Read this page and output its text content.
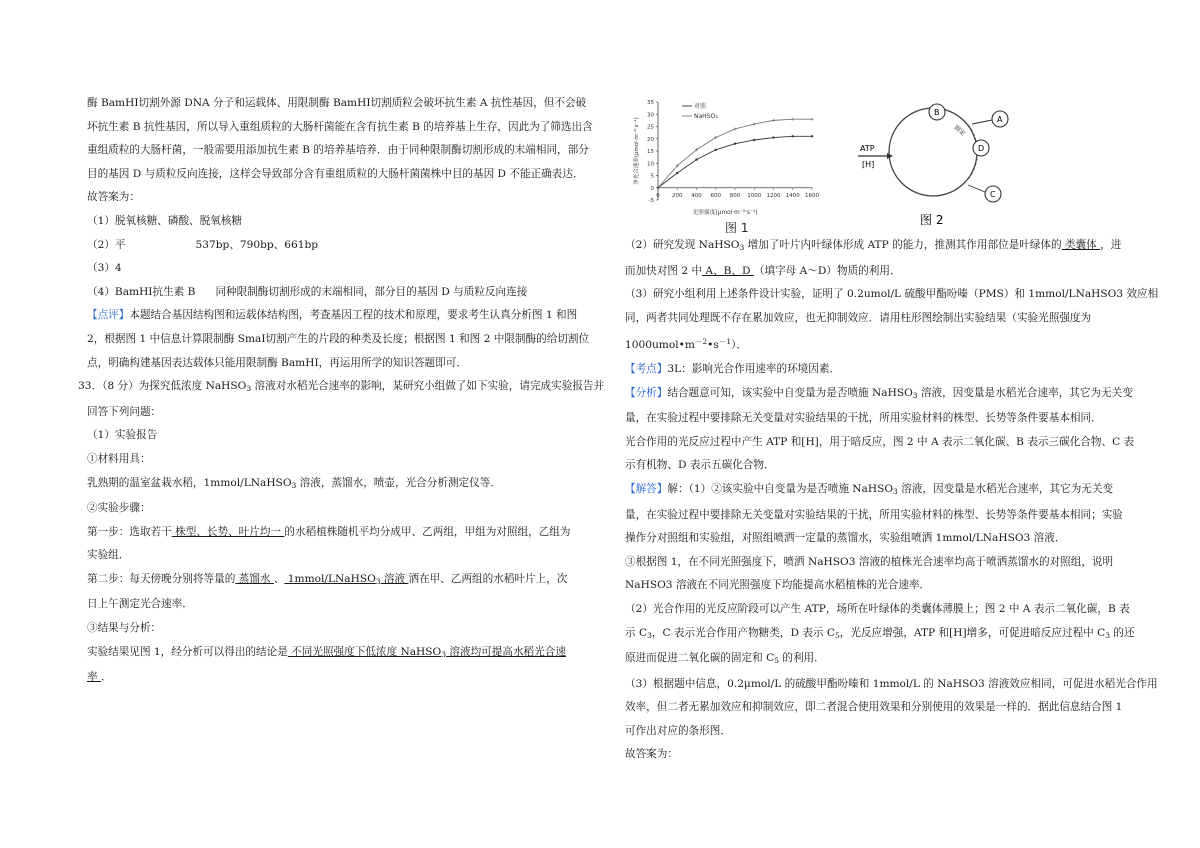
酶 BamHⅠ切割外源 DNA 分子和运载体、用限制酶 BamHⅠ切割质粒会破坏抗生素 A 抗性基因，但不会破

坏抗生素 B 抗性基因，所以导入重组质粒的大肠杆菌能在含有抗生素 B 的培养基上生存，因此为了筛选出含

重组质粒的大肠杆菌，一般需要用添加抗生素 B 的培养基培养．由于同种限制酶切割形成的末端相同，部分

目的基因 D 与质粒反向连接，这样会导致部分含有重组质粒的大肠杆菌菌株中目的基因 D 不能正确表达．

故答案为：

（1）脱氧核糖、磷酸、脱氧核糖

（2）平	537bp、790bp、661bp

（3）4

（4）BamHⅠ抗生素 B 同种限制酶切割形成的末端相同，部分目的基因 D 与质粒反向连接

【点评】本题结合基因结构图和运载体结构图，考查基因工程的技术和原理，要求考生认真分析图 1 和图

2，根据图 1 中信息计算限制酶 SmaⅠ切割产生的片段的种类及长度；根据图 1 和图 2 中限制酶的给切割位

点，明确构建基因表达载体只能用限制酶 BamHⅠ，再运用所学的知识答题即可．

33．（8 分）为探究低浓度 NaHSO$_3$ 溶液对水稻光合速率的影响，某研究小组做了如下实验，请完成实验报告并

回答下列问题：

（1）实验报告

①材料用具：

乳熟期的温室盆栽水稻，1mmol/LNaHSO$_3$ 溶液，蒸馏水，喷壶，光合分析测定仪等．

②实验步骤：

第一步：选取若干 株型、长势、叶片均一 的水稻植株随机平均分成甲、乙两组，甲组为对照组，乙组为

实验组．

第二步：每天傍晚分别将等量的 蒸馏水 、 1mmol/LNaHSO$_3$ 溶液 洒在甲、乙两组的水稻叶片上，次

日上午测定光合速率．

③结果与分析：

实验结果见图 1，经分析可以得出的结论是 不同光照强度下低浓度 NaHSO$_3$ 溶液均可提高水稻光合速

率 ．

-5
0
5
10
15
20
25
30
35
0 200 400 600 800 1000 1200 1400 1600
对照
NaHSO₃
净光合速率(μmol·m⁻²·s⁻¹)
光照强度(μmol·m⁻²·s⁻¹)
图 1
ATP
[H]
B
A
D
C
固定
图 2

（2）研究发现 NaHSO$_3$ 增加了叶片内叶绿体形成 ATP 的能力，推测其作用部位是叶绿体的 类囊体 ，进

而加快对图 2 中 A、B、D （填字母 A～D）物质的利用．

（3）研究小组利用上述条件设计实验，证明了 0.2umol/L 硫酸甲酯吩嗪（PMS）和 1mmol/LNaHSO3 效应相

同，两者共同处理既不存在累加效应，也无抑制效应．请用柱形图绘制出实验结果（实验光照强度为

$1000umol•m^{-2}•s^{-1}$）．

【考点】3L：影响光合作用速率的环境因素．

【分析】结合题意可知，该实验中自变量为是否喷施 NaHSO$_3$ 溶液，因变量是水稻光合速率，其它为无关变

量，在实验过程中要排除无关变量对实验结果的干扰，所用实验材料的株型、长势等条件要基本相同．

光合作用的光反应过程中产生 ATP 和[H]，用于暗反应，图 2 中 A 表示二氧化碳、B 表示三碳化合物、C 表

示有机物、D 表示五碳化合物．

【解答】解：（1）②该实验中自变量为是否喷施 NaHSO$_3$ 溶液，因变量是水稻光合速率，其它为无关变

量，在实验过程中要排除无关变量对实验结果的干扰，所用实验材料的株型、长势等条件要基本相同；实验

操作分对照组和实验组，对照组喷洒一定量的蒸馏水，实验组喷洒 1mmol/LNaHSO3 溶液．

③根据图 1，在不同光照强度下，喷洒 NaHSO3 溶液的植株光合速率均高于喷洒蒸馏水的对照组，说明

NaHSO3 溶液在不同光照强度下均能提高水稻植株的光合速率．

（2）光合作用的光反应阶段可以产生 ATP，场所在叶绿体的类囊体薄膜上；图 2 中 A 表示二氧化碳，B 表

示 $C_3$，C 表示光合作用产物糖类，D 表示 $C_5$，光反应增强，ATP 和[H]增多，可促进暗反应过程中 $C_3$ 的还

原进而促进二氧化碳的固定和 $C_5$ 的利用．

（3）根据题中信息，0.2μmol/L 的硫酸甲酯吩嗪和 1mmol/L 的 NaHSO3 溶液效应相同，可促进水稻光合作用

效率，但二者无累加效应和抑制效应，即二者混合使用效果和分别使用的效果是一样的．据此信息结合图 1

可作出对应的条形图．

故答案为：
